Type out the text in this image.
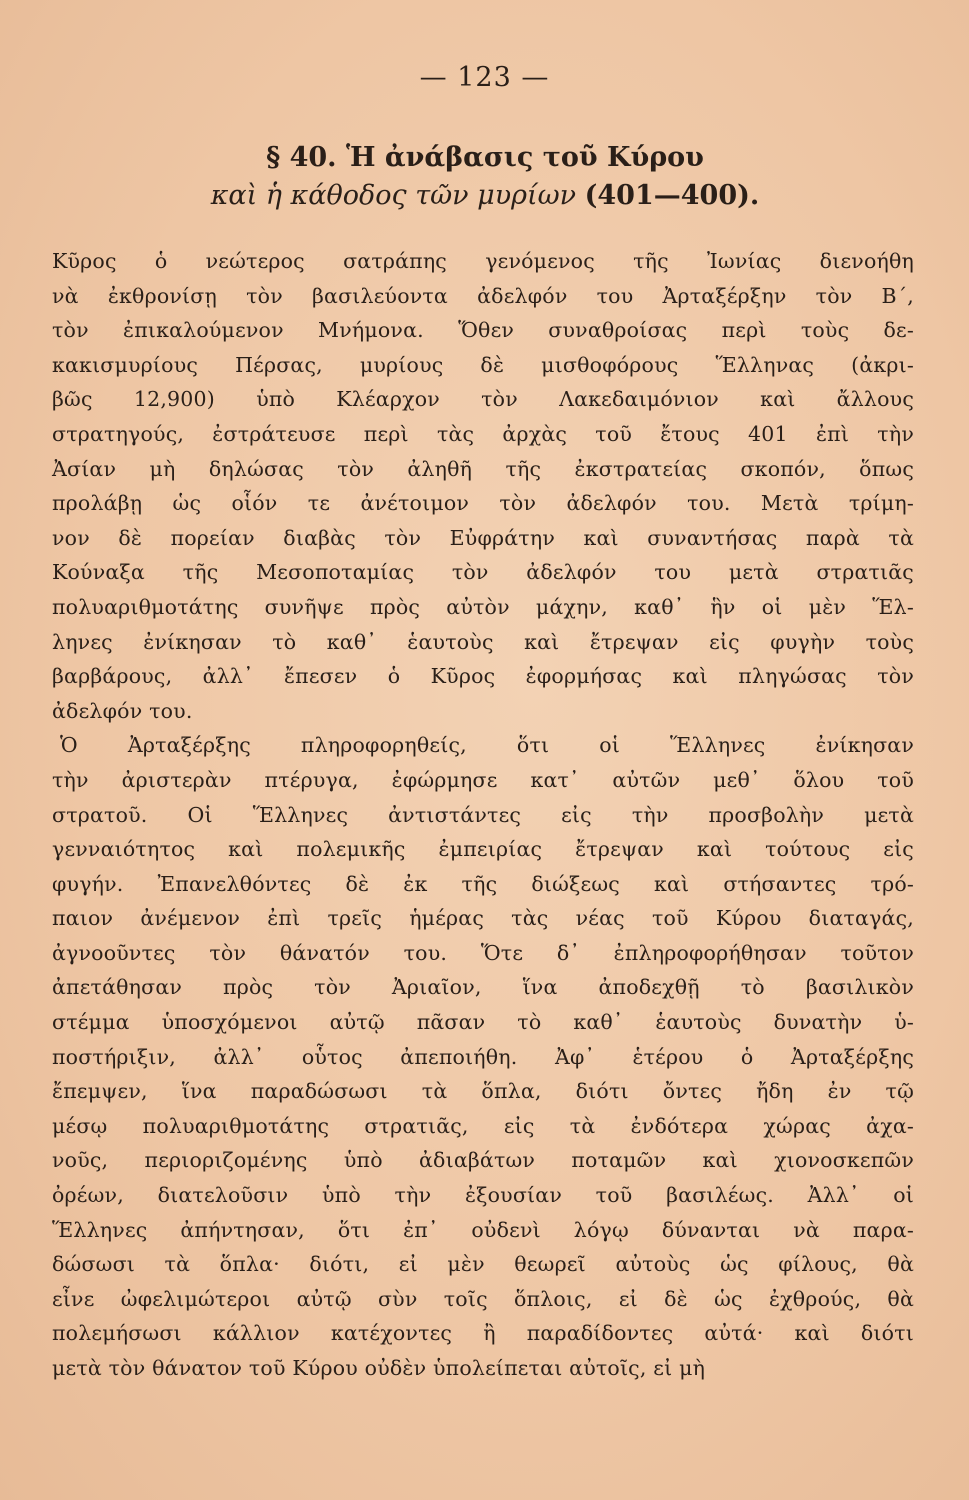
— 123 —
§ 40. Ἡ ἀνάβασις τοῦ Κύρου
καὶ ἡ κάθοδος τῶν μυρίων (401—400).
Κῦρος ὁ νεώτερος σατράπης γενόμενος τῆς Ἰωνίας διενοήθη
νὰ ἐκθρονίσῃ τὸν βασιλεύοντα ἀδελφόν του Ἀρταξέρξην τὸν Β΄,
τὸν ἐπικαλούμενον Μνήμονα. Ὅθεν συναθροίσας περὶ τοὺς δε-
κακισμυρίους Πέρσας, μυρίους δὲ μισθοφόρους Ἕλληνας (ἀκρι-
βῶς 12,900) ὑπὸ Κλέαρχον τὸν Λακεδαιμόνιον καὶ ἄλλους
στρατηγούς, ἐστράτευσε περὶ τὰς ἀρχὰς τοῦ ἔτους 401 ἐπὶ τὴν
Ἀσίαν μὴ δηλώσας τὸν ἀληθῆ τῆς ἐκστρατείας σκοπόν, ὅπως
προλάβῃ ὡς οἷόν τε ἀνέτοιμον τὸν ἀδελφόν του. Μετὰ τρίμη-
νον δὲ πορείαν διαβὰς τὸν Εὐφράτην καὶ συναντήσας παρὰ τὰ
Κούναξα τῆς Μεσοποταμίας τὸν ἀδελφόν του μετὰ στρατιᾶς
πολυαριθμοτάτης συνῆψε πρὸς αὐτὸν μάχην, καθ᾽ ἣν οἱ μὲν Ἕλ-
ληνες ἐνίκησαν τὸ καθ᾽ ἑαυτοὺς καὶ ἔτρεψαν εἰς φυγὴν τοὺς
βαρβάρους, ἀλλ᾽ ἔπεσεν ὁ Κῦρος ἐφορμήσας καὶ πληγώσας τὸν
ἀδελφόν του.
Ὁ Ἀρταξέρξης πληροφορηθείς, ὅτι οἱ Ἕλληνες ἐνίκησαν
τὴν ἀριστερὰν πτέρυγα, ἐφώρμησε κατ᾽ αὐτῶν μεθ᾽ ὅλου τοῦ
στρατοῦ. Οἱ Ἕλληνες ἀντιστάντες εἰς τὴν προσβολὴν μετὰ
γενναιότητος καὶ πολεμικῆς ἐμπειρίας ἔτρεψαν καὶ τούτους εἰς
φυγήν. Ἐπανελθόντες δὲ ἐκ τῆς διώξεως καὶ στήσαντες τρό-
παιον ἀνέμενον ἐπὶ τρεῖς ἡμέρας τὰς νέας τοῦ Κύρου διαταγάς,
ἀγνοοῦντες τὸν θάνατόν του. Ὅτε δ᾽ ἐπληροφορήθησαν τοῦτον
ἀπετάθησαν πρὸς τὸν Ἀριαῖον, ἵνα ἀποδεχθῇ τὸ βασιλικὸν
στέμμα ὑποσχόμενοι αὐτῷ πᾶσαν τὸ καθ᾽ ἑαυτοὺς δυνατὴν ὑ-
ποστήριξιν, ἀλλ᾽ οὗτος ἀπεποιήθη. Ἀφ᾽ ἑτέρου ὁ Ἀρταξέρξης
ἔπεμψεν, ἵνα παραδώσωσι τὰ ὅπλα, διότι ὄντες ἤδη ἐν τῷ
μέσῳ πολυαριθμοτάτης στρατιᾶς, εἰς τὰ ἐνδότερα χώρας ἀχα-
νοῦς, περιοριζομένης ὑπὸ ἀδιαβάτων ποταμῶν καὶ χιονοσκεπῶν
ὀρέων, διατελοῦσιν ὑπὸ τὴν ἐξουσίαν τοῦ βασιλέως. Ἀλλ᾽ οἱ
Ἕλληνες ἀπήντησαν, ὅτι ἐπ᾽ οὐδενὶ λόγῳ δύνανται νὰ παρα-
δώσωσι τὰ ὅπλα· διότι, εἰ μὲν θεωρεῖ αὐτοὺς ὡς φίλους, θὰ
εἶνε ὠφελιμώτεροι αὐτῷ σὺν τοῖς ὅπλοις, εἰ δὲ ὡς ἐχθρούς, θὰ
πολεμήσωσι κάλλιον κατέχοντες ἢ παραδίδοντες αὐτά· καὶ διότι
μετὰ τὸν θάνατον τοῦ Κύρου οὐδὲν ὑπολείπεται αὐτοῖς, εἰ μὴ
